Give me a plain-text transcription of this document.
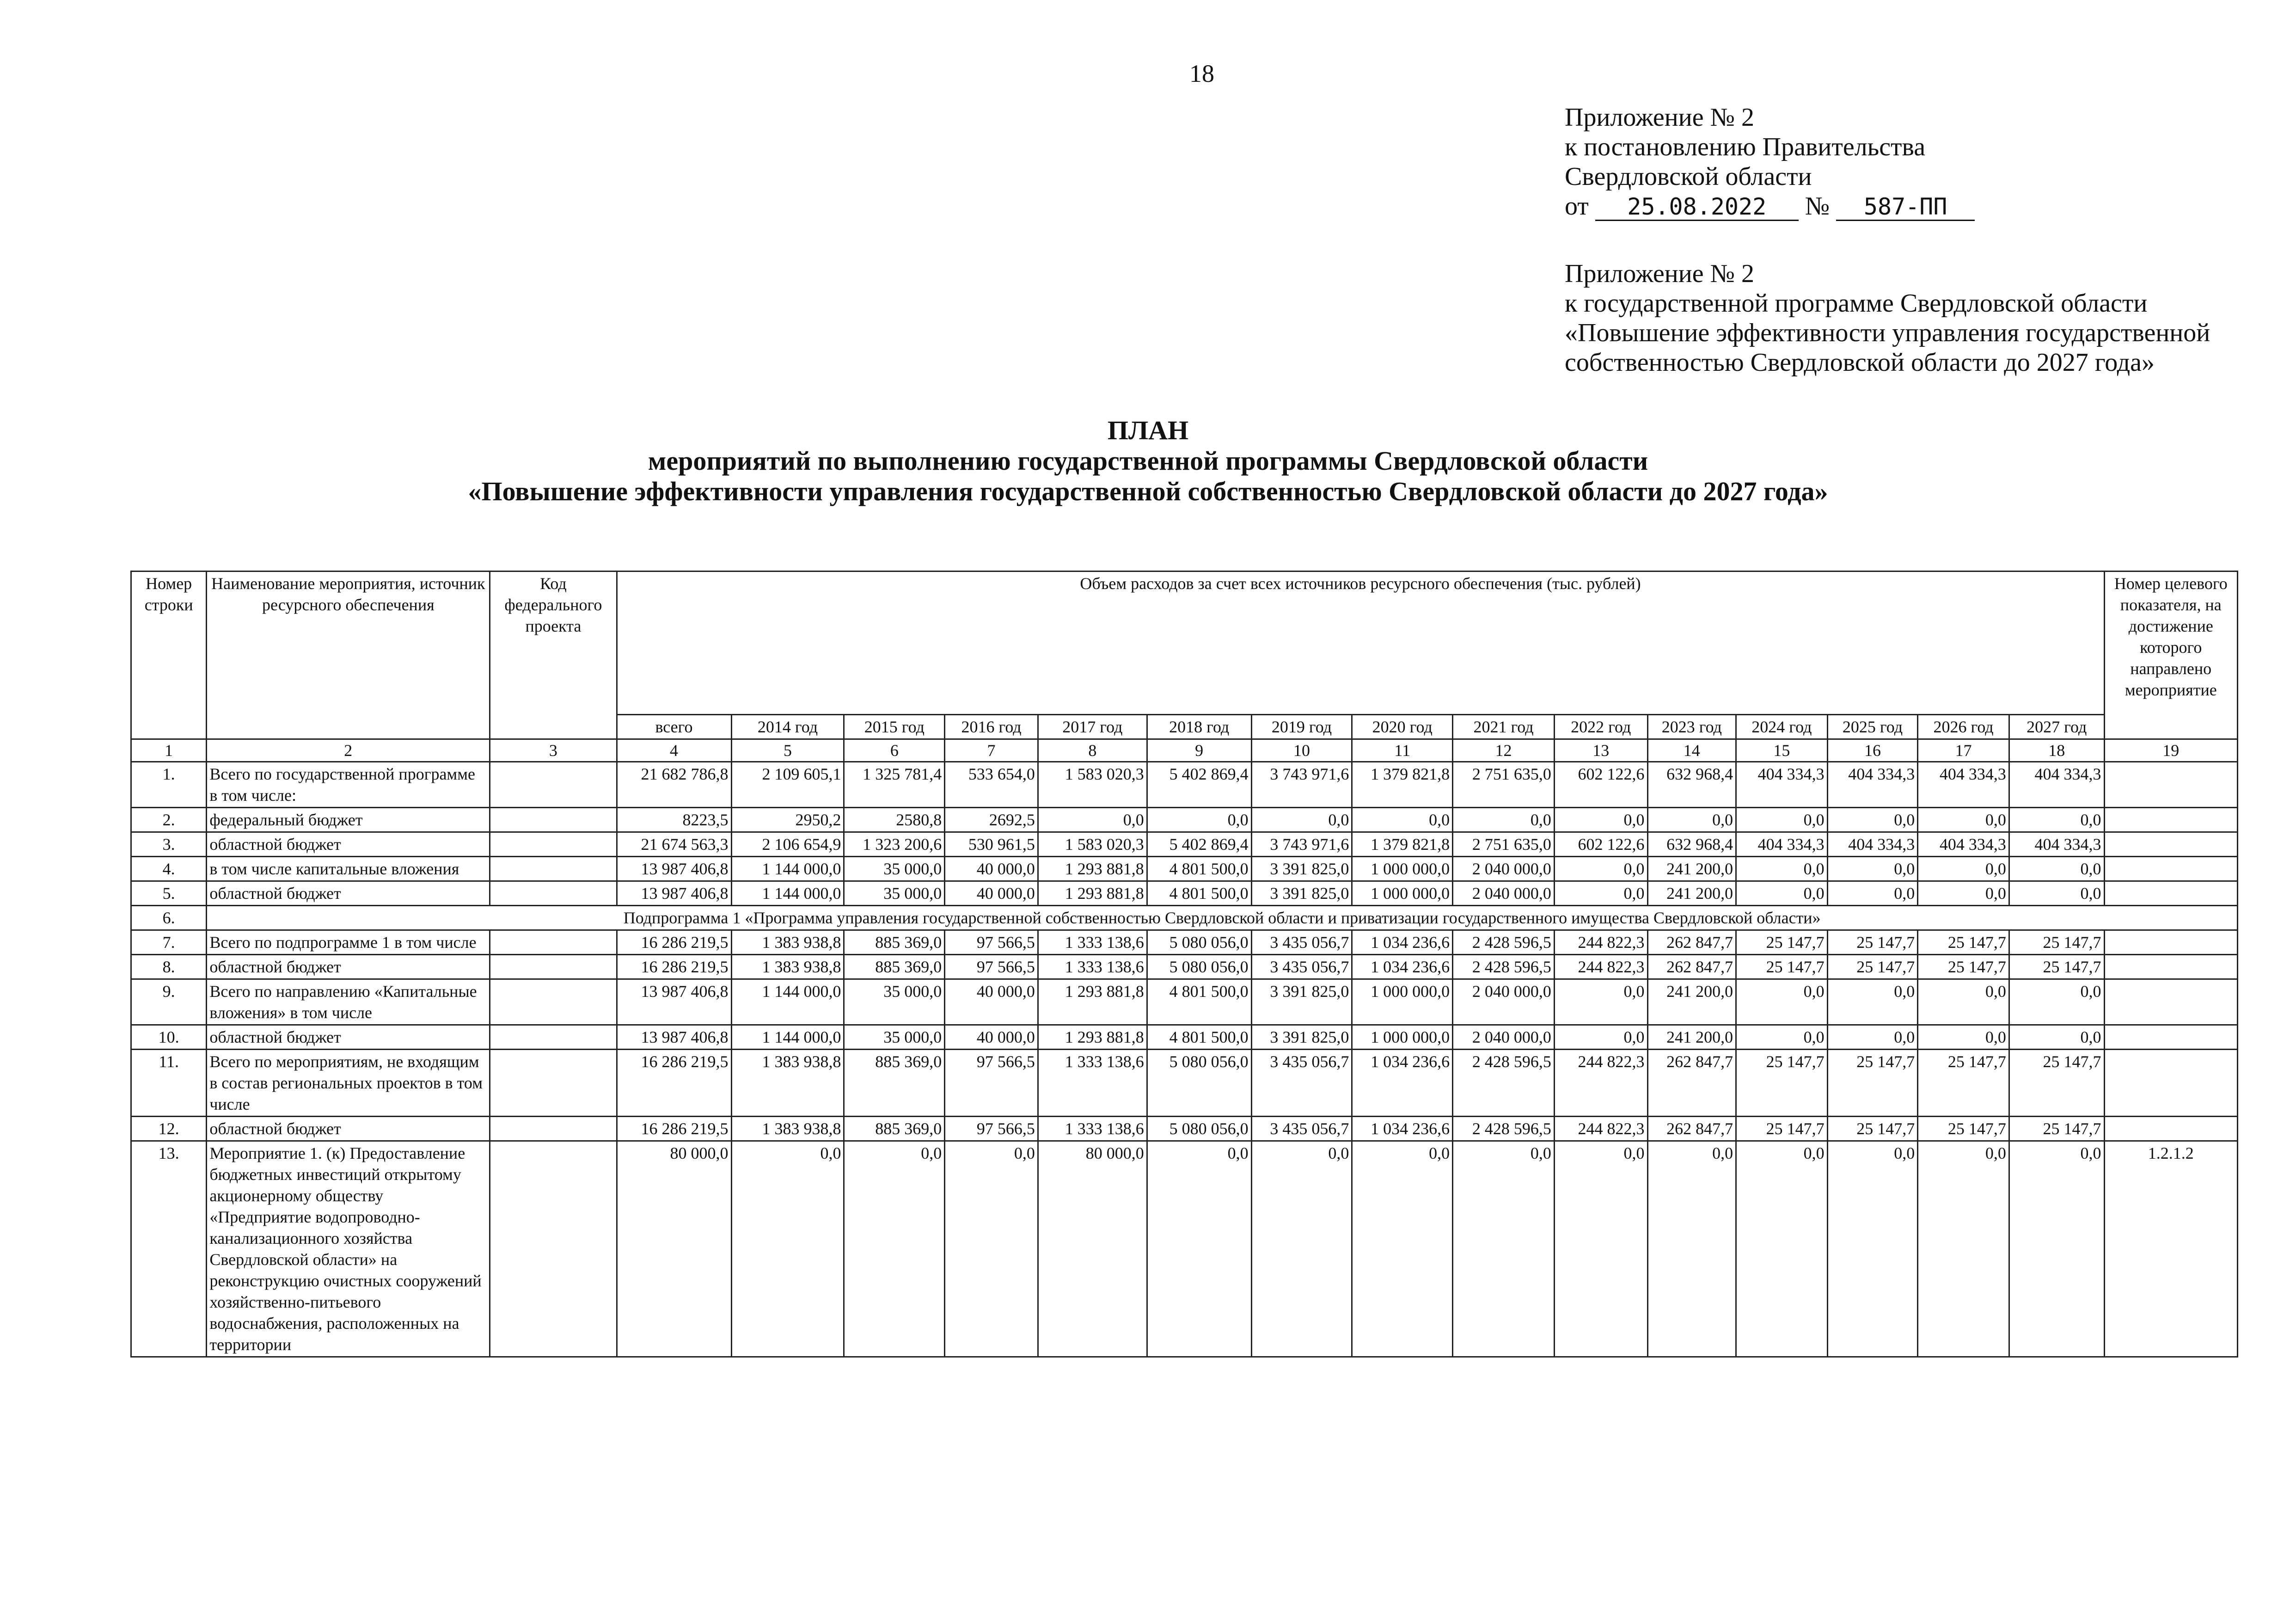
18

Приложение № 2

к постановлению Правительства

Свердловской области

от 25.08.2022 № 587-ПП

Приложение № 2

к государственной программе Свердловской области

«Повышение эффективности управления государственной

собственностью Свердловской области до 2027 года»

ПЛАН

мероприятий по выполнению государственной программы Свердловской области

«Повышение эффективности управления государственной собственностью Свердловской области до 2027 года»

Номер строки	Наименование мероприятия, источник ресурсного обеспечения	Код федерального проекта	Объем расходов за счет всех источников ресурсного обеспечения (тыс. рублей)															Номер целевого показателя, на достижение которого направлено мероприятие
			всего	2014 год	2015 год	2016 год	2017 год	2018 год	2019 год	2020 год	2021 год	2022 год	2023 год	2024 год	2025 год	2026 год	2027 год	
1	2	3	4	5	6	7	8	9	10	11	12	13	14	15	16	17	18	19
1.	Всего по государственной программе в том числе:		21 682 786,8	2 109 605,1	1 325 781,4	533 654,0	1 583 020,3	5 402 869,4	3 743 971,6	1 379 821,8	2 751 635,0	602 122,6	632 968,4	404 334,3	404 334,3	404 334,3	404 334,3	
2.	федеральный бюджет		8223,5	2950,2	2580,8	2692,5	0,0	0,0	0,0	0,0	0,0	0,0	0,0	0,0	0,0	0,0	0,0	
3.	областной бюджет		21 674 563,3	2 106 654,9	1 323 200,6	530 961,5	1 583 020,3	5 402 869,4	3 743 971,6	1 379 821,8	2 751 635,0	602 122,6	632 968,4	404 334,3	404 334,3	404 334,3	404 334,3	
4.	в том числе капитальные вложения		13 987 406,8	1 144 000,0	35 000,0	40 000,0	1 293 881,8	4 801 500,0	3 391 825,0	1 000 000,0	2 040 000,0	0,0	241 200,0	0,0	0,0	0,0	0,0	
5.	областной бюджет		13 987 406,8	1 144 000,0	35 000,0	40 000,0	1 293 881,8	4 801 500,0	3 391 825,0	1 000 000,0	2 040 000,0	0,0	241 200,0	0,0	0,0	0,0	0,0	
6.	Подпрограмма 1 «Программа управления государственной собственностью Свердловской области и приватизации государственного имущества Свердловской области»																	
7.	Всего по подпрограмме 1 в том числе		16 286 219,5	1 383 938,8	885 369,0	97 566,5	1 333 138,6	5 080 056,0	3 435 056,7	1 034 236,6	2 428 596,5	244 822,3	262 847,7	25 147,7	25 147,7	25 147,7	25 147,7	
8.	областной бюджет		16 286 219,5	1 383 938,8	885 369,0	97 566,5	1 333 138,6	5 080 056,0	3 435 056,7	1 034 236,6	2 428 596,5	244 822,3	262 847,7	25 147,7	25 147,7	25 147,7	25 147,7	
9.	Всего по направлению «Капитальные вложения» в том числе		13 987 406,8	1 144 000,0	35 000,0	40 000,0	1 293 881,8	4 801 500,0	3 391 825,0	1 000 000,0	2 040 000,0	0,0	241 200,0	0,0	0,0	0,0	0,0	
10.	областной бюджет		13 987 406,8	1 144 000,0	35 000,0	40 000,0	1 293 881,8	4 801 500,0	3 391 825,0	1 000 000,0	2 040 000,0	0,0	241 200,0	0,0	0,0	0,0	0,0	
11.	Всего по мероприятиям, не входящим в состав региональных проектов в том числе		16 286 219,5	1 383 938,8	885 369,0	97 566,5	1 333 138,6	5 080 056,0	3 435 056,7	1 034 236,6	2 428 596,5	244 822,3	262 847,7	25 147,7	25 147,7	25 147,7	25 147,7	
12.	областной бюджет		16 286 219,5	1 383 938,8	885 369,0	97 566,5	1 333 138,6	5 080 056,0	3 435 056,7	1 034 236,6	2 428 596,5	244 822,3	262 847,7	25 147,7	25 147,7	25 147,7	25 147,7	
13.	Мероприятие 1. (к) Предоставление бюджетных инвестиций открытому акционерному обществу «Предприятие водопроводно-канализационного хозяйства Свердловской области» на реконструкцию очистных сооружений хозяйственно-питьевого водоснабжения, расположенных на территории		80 000,0	0,0	0,0	0,0	80 000,0	0,0	0,0	0,0	0,0	0,0	0,0	0,0	0,0	0,0	0,0	1.2.1.2
